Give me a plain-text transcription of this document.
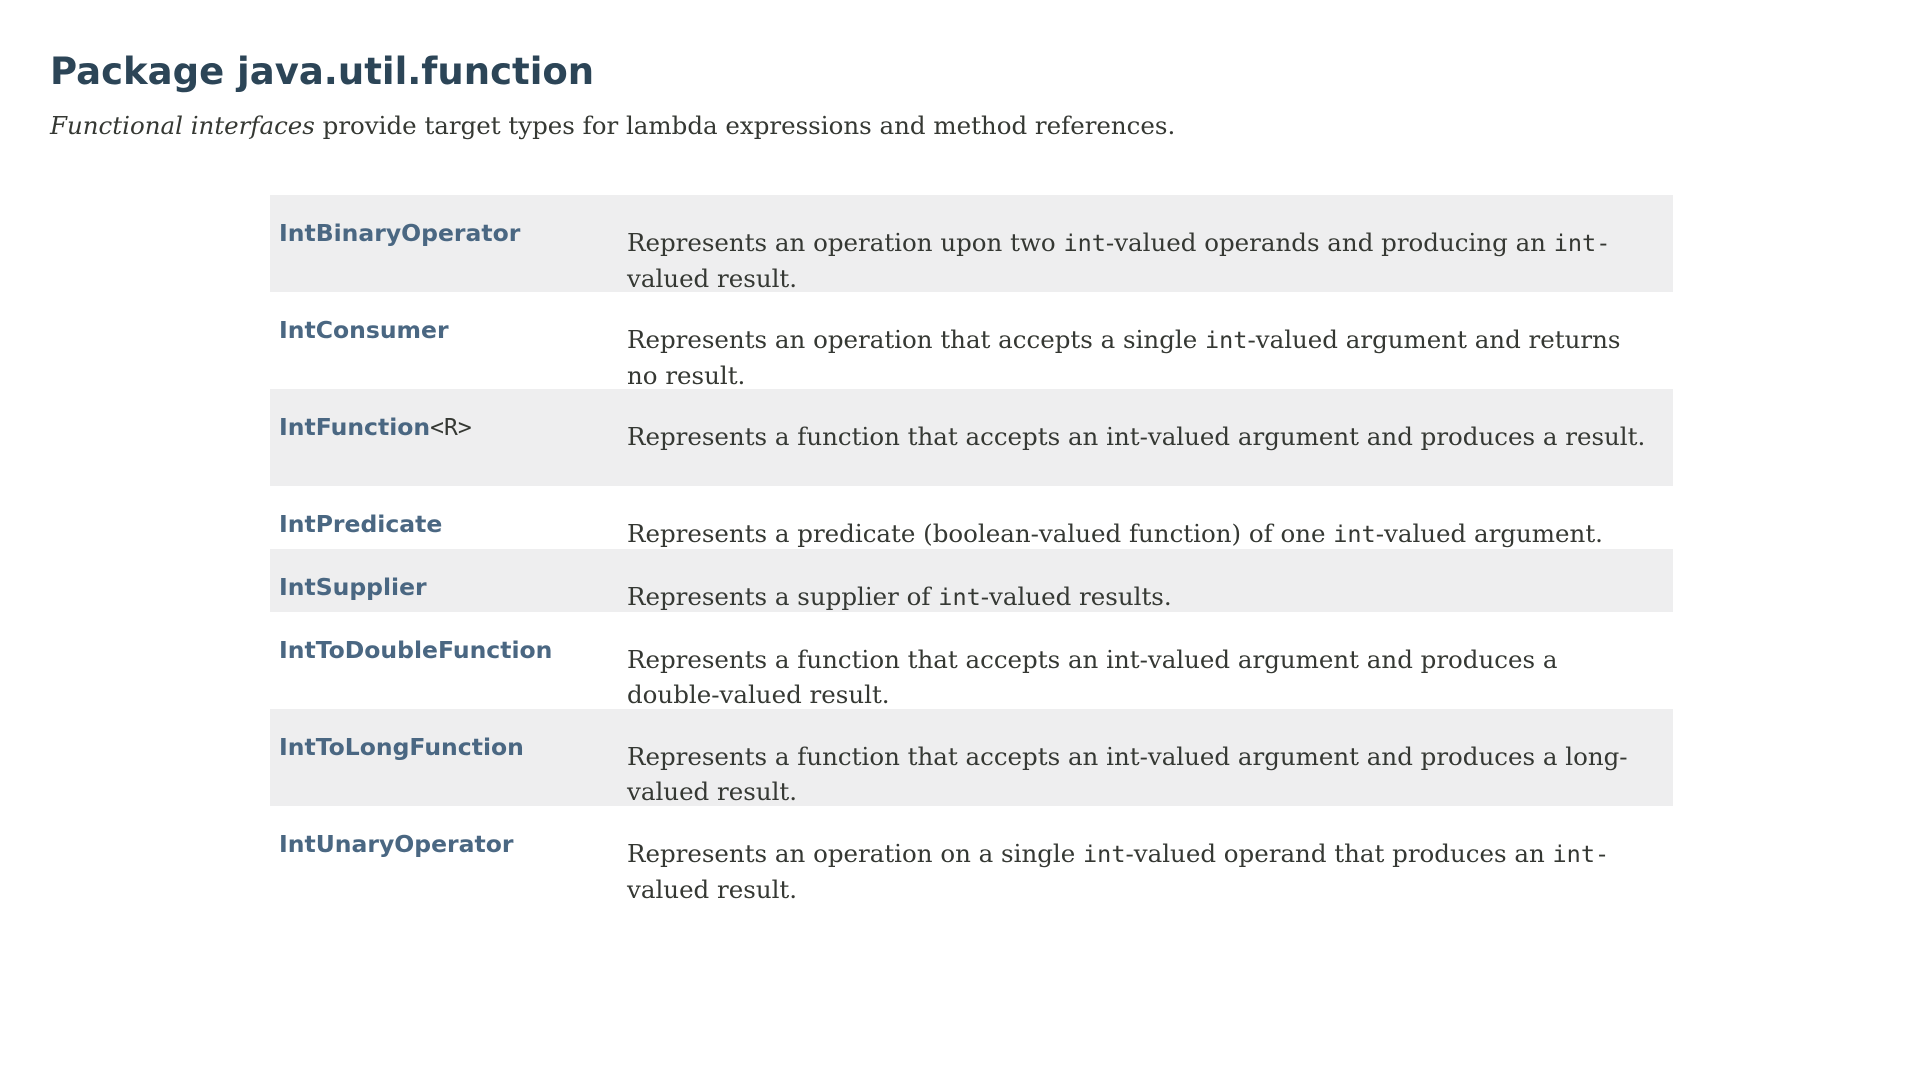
Package java.util.function

Functional interfaces provide target types for lambda expressions and method references.

IntBinaryOperator	Represents an operation upon two int-valued operands and producing an int- valued result.
IntConsumer	Represents an operation that accepts a single int-valued argument and returns no result.
IntFunction<R>	Represents a function that accepts an int-valued argument and produces a result.
IntPredicate	Represents a predicate (boolean-valued function) of one int-valued argument.
IntSupplier	Represents a supplier of int-valued results.
IntToDoubleFunction	Represents a function that accepts an int-valued argument and produces a double-valued result.
IntToLongFunction	Represents a function that accepts an int-valued argument and produces a long-valued result.
IntUnaryOperator	Represents an operation on a single int-valued operand that produces an int- valued result.
